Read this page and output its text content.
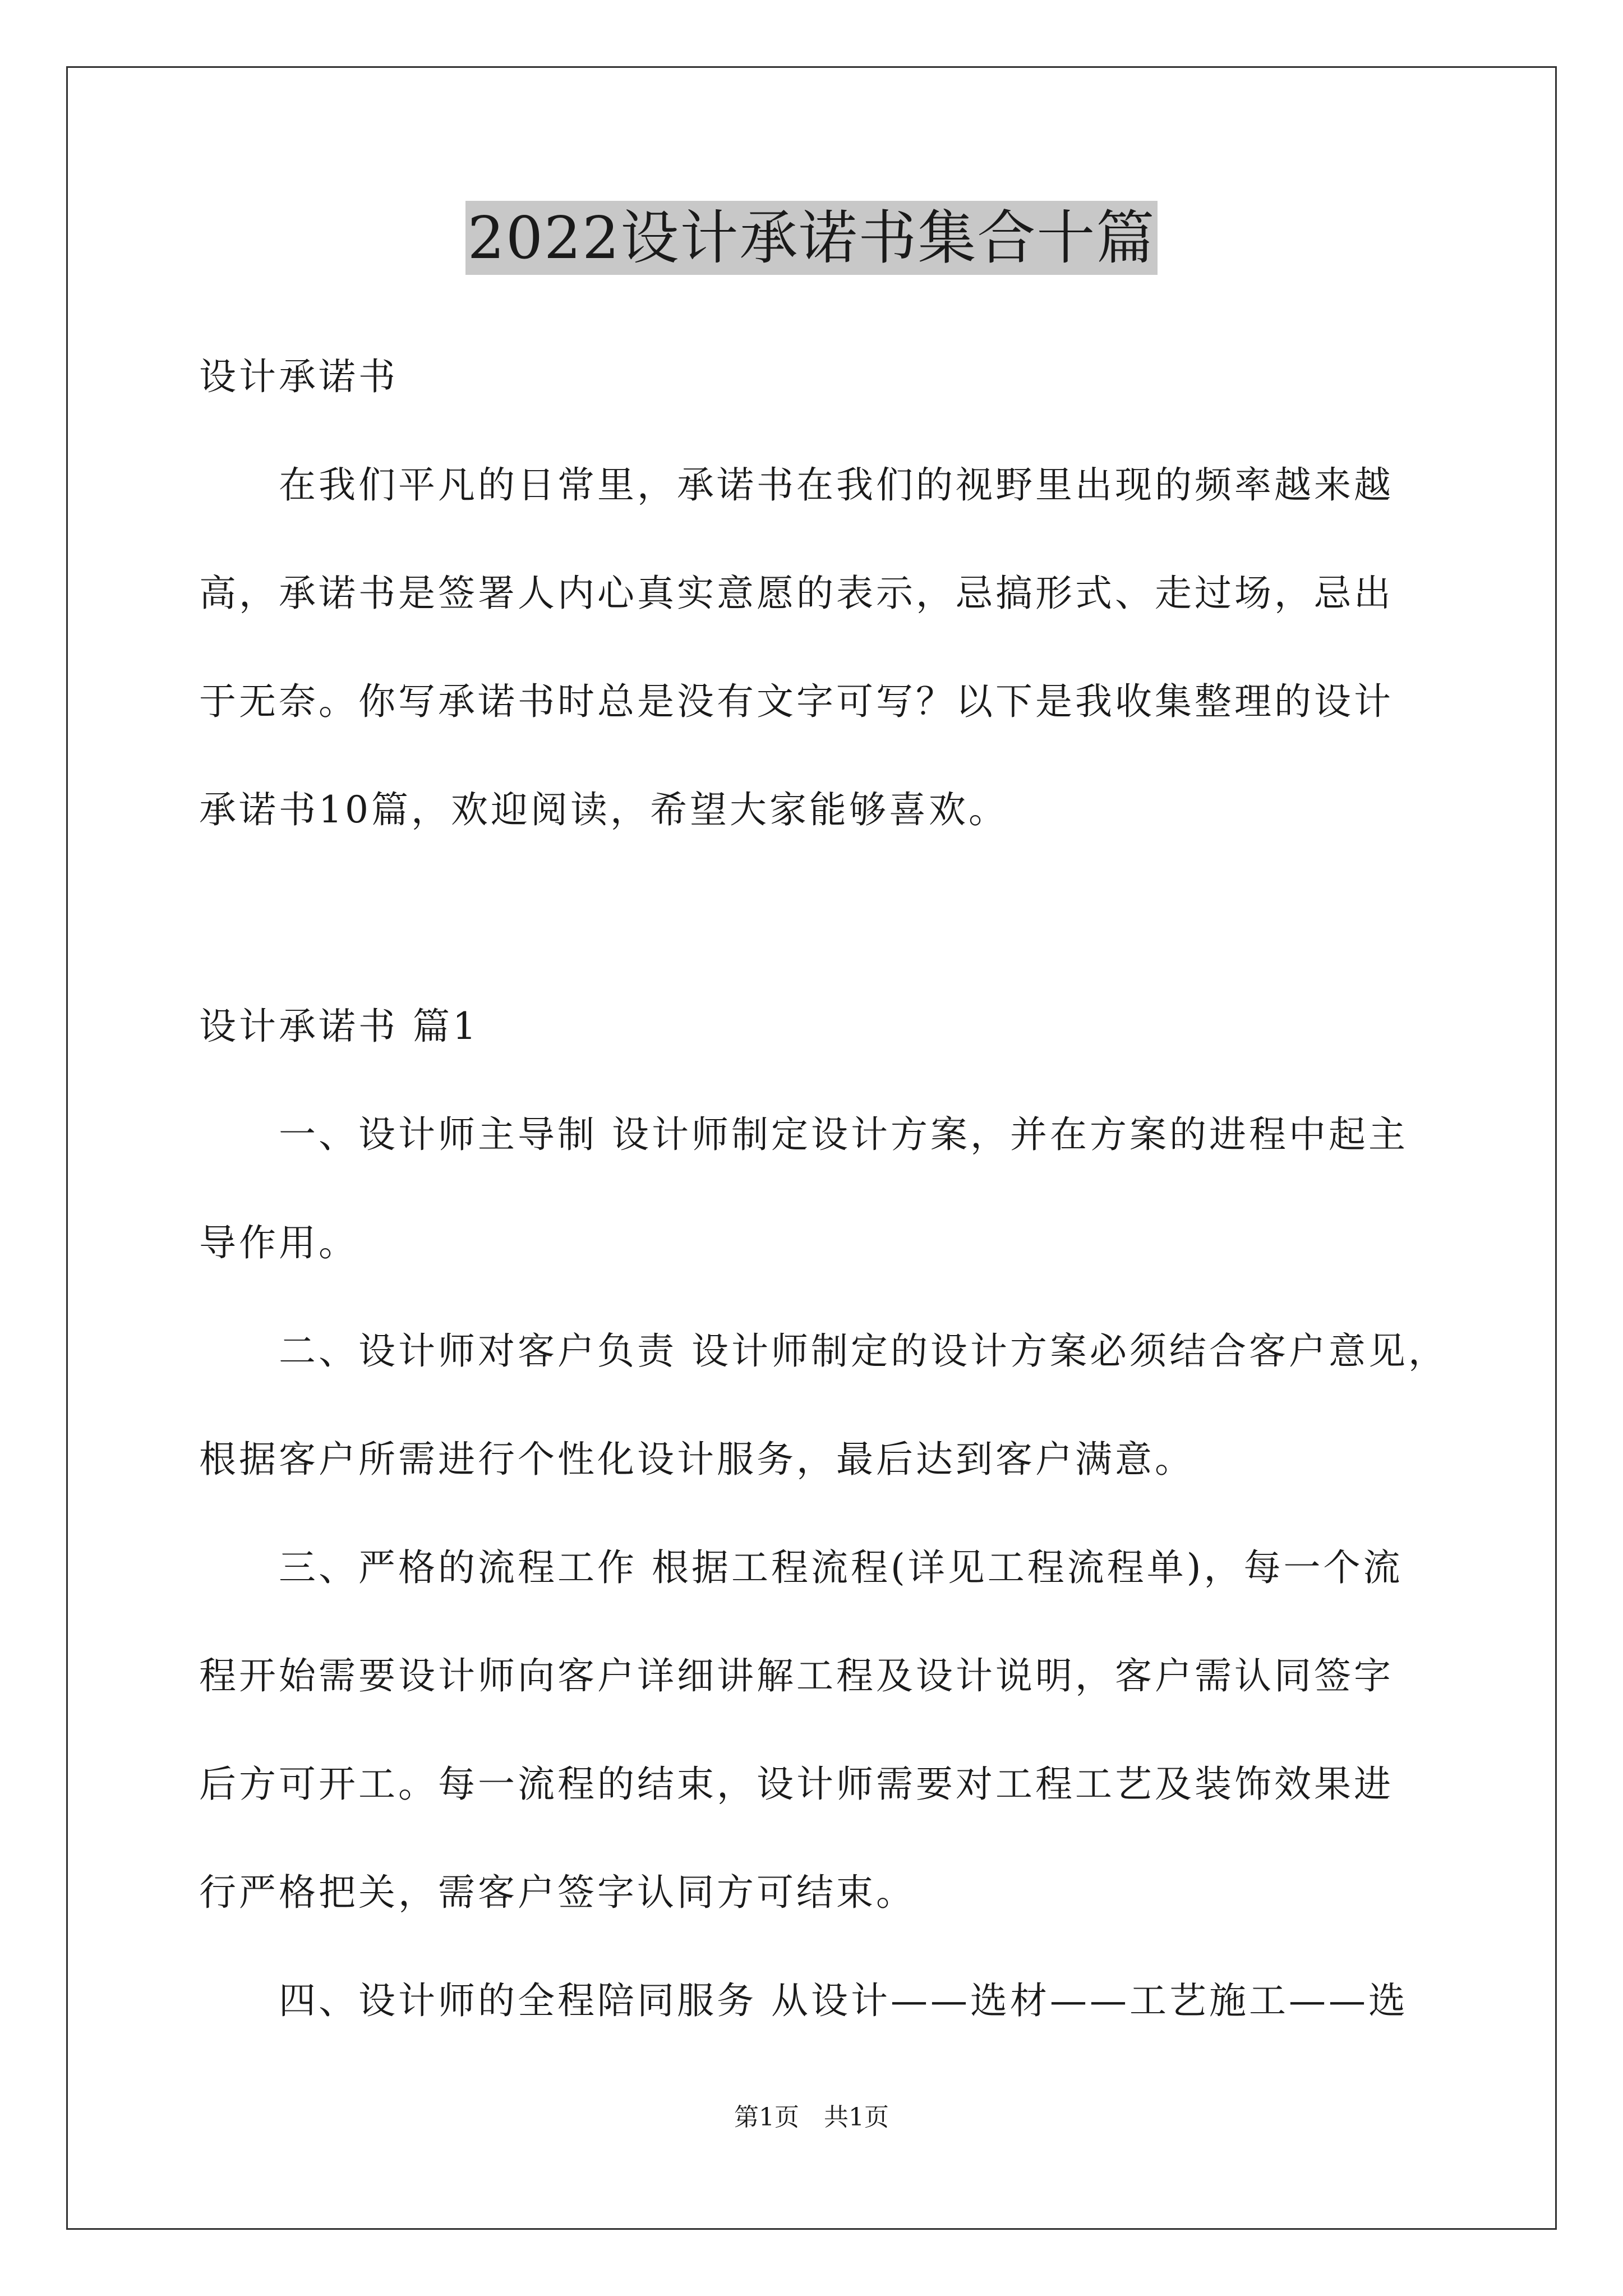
2022设计承诺书集合十篇
设计承诺书
　　在我们平凡的日常里，承诺书在我们的视野里出现的频率越来越
高，承诺书是签署人内心真实意愿的表示，忌搞形式、走过场，忌出
于无奈。你写承诺书时总是没有文字可写？以下是我收集整理的设计
承诺书10篇，欢迎阅读，希望大家能够喜欢。
设计承诺书 篇1
　　一、设计师主导制 设计师制定设计方案，并在方案的进程中起主
导作用。
　　二、设计师对客户负责 设计师制定的设计方案必须结合客户意见，
根据客户所需进行个性化设计服务，最后达到客户满意。
　　三、严格的流程工作 根据工程流程(详见工程流程单)，每一个流
程开始需要设计师向客户详细讲解工程及设计说明，客户需认同签字
后方可开工。每一流程的结束，设计师需要对工程工艺及装饰效果进
行严格把关，需客户签字认同方可结束。
　　四、设计师的全程陪同服务 从设计——选材——工艺施工——选
第1页　共1页
